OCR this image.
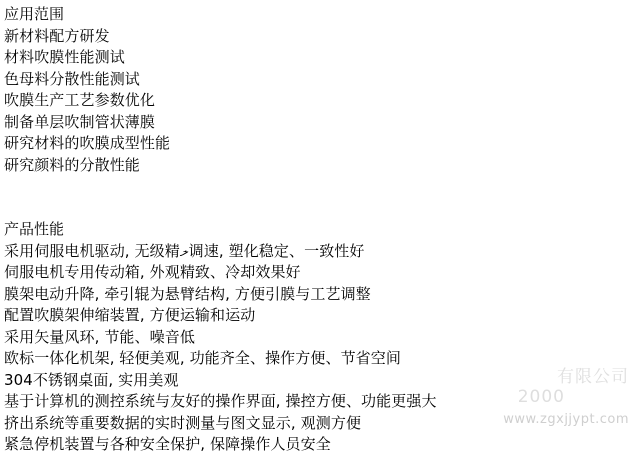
应用范围
新材料配方研发
材料吹膜性能测试
色母料分散性能测试
吹膜生产工艺参数优化
制备单层吹制管状薄膜
研究材料的吹膜成型性能
研究颜料的分散性能
产品性能
采用伺服电机驱动, 无级精ލ调速, 塑化稳定、一致性好
伺服电机专用传动箱, 外观精致、冷却效果好
膜架电动升降, 牵引辊为悬臂结构, 方便引膜与工艺调整
配置吹膜架伸缩装置, 方便运输和运动
采用矢量风环, 节能、噪音低
欧标一体化机架, 轻便美观, 功能齐全、操作方便、节省空间
304不锈钢桌面, 实用美观
基于计算机的测控系统与友好的操作界面, 操控方便、功能更强大
挤出系统等重要数据的实时测量与图文显示, 观测方便
紧急停机装置与各种安全保护, 保障操作人员安全
有限公司
2000
www.zgxjjypt.com
